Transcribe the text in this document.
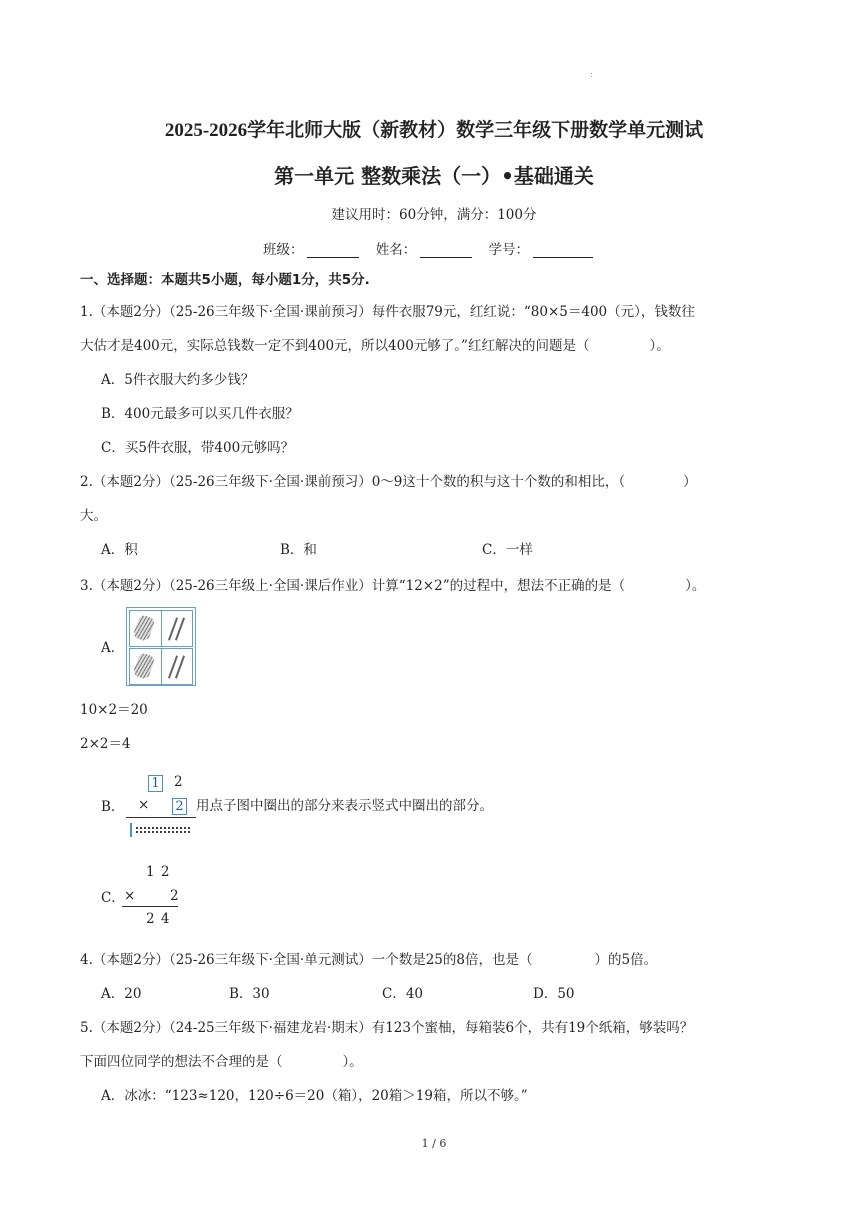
:
2025-2026学年北师大版（新教材）数学三年级下册数学单元测试
第一单元 整数乘法（一）•基础通关
建议用时：60分钟，满分：100分
班级：	姓名：	学号：
一、选择题：本题共5小题，每小题1分，共5分.
1.（本题2分）（25-26三年级下·全国·课前预习）每件衣服79元，红红说：“80×5＝400（元），钱数往
大估才是400元，实际总钱数一定不到400元，所以400元够了。”红红解决的问题是（	）。
A．5件衣服大约多少钱？
B．400元最多可以买几件衣服？
C．买5件衣服，带400元够吗？
2.（本题2分）（25-26三年级下·全国·课前预习）0～9这十个数的积与这十个数的和相比，（	）
大。
A．积	B．和	C．一样
3.（本题2分）（25-26三年级上·全国·课后作业）计算“12×2”的过程中，想法不正确的是（	）。
A．
10×2＝20
2×2＝4
1 2
B． × 2 用点子图中圈出的部分来表示竖式中圈出的部分。
1 2
C． ×	2
2 4
4.（本题2分）（25-26三年级下·全国·单元测试）一个数是25的8倍，也是（	）的5倍。
A．20	B．30	C．40	D．50
5.（本题2分）（24-25三年级下·福建龙岩·期末）有123个蜜柚，每箱装6个，共有19个纸箱，够装吗？
下面四位同学的想法不合理的是（	）。
A．冰冰：“123≈120，120÷6＝20（箱），20箱＞19箱，所以不够。”
1 / 6
